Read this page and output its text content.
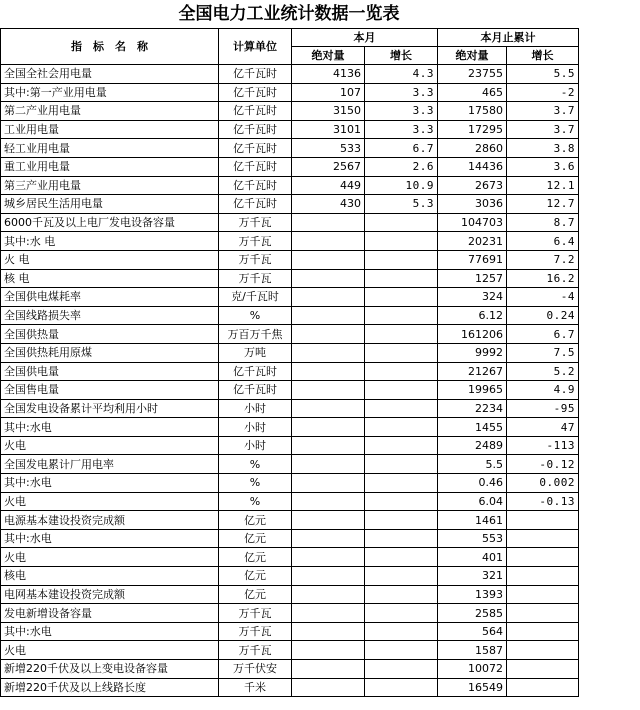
全国电力工业统计数据一览表
指　标　名　称	计算单位	本月		本月止累计	
		绝对量	增长	绝对量	增长
全国全社会用电量	亿千瓦时	4136	4.3	23755	5.5
其中:第一产业用电量	亿千瓦时	107	3.3	465	-2
第二产业用电量	亿千瓦时	3150	3.3	17580	3.7
工业用电量	亿千瓦时	3101	3.3	17295	3.7
轻工业用电量	亿千瓦时	533	6.7	2860	3.8
重工业用电量	亿千瓦时	2567	2.6	14436	3.6
第三产业用电量	亿千瓦时	449	10.9	2673	12.1
城乡居民生活用电量	亿千瓦时	430	5.3	3036	12.7
6000千瓦及以上电厂发电设备容量	万千瓦			104703	8.7
其中:水 电	万千瓦			20231	6.4
火 电	万千瓦			77691	7.2
核 电	万千瓦			1257	16.2
全国供电煤耗率	克/千瓦时			324	-4
全国线路损失率	%			6.12	0.24
全国供热量	万百万千焦			161206	6.7
全国供热耗用原煤	万吨			9992	7.5
全国供电量	亿千瓦时			21267	5.2
全国售电量	亿千瓦时			19965	4.9
全国发电设备累计平均利用小时	小时			2234	-95
其中:水电	小时			1455	47
火电	小时			2489	-113
全国发电累计厂用电率	%			5.5	-0.12
其中:水电	%			0.46	0.002
火电	%			6.04	-0.13
电源基本建设投资完成额	亿元			1461	
其中:水电	亿元			553	
火电	亿元			401	
核电	亿元			321	
电网基本建设投资完成额	亿元			1393	
发电新增设备容量	万千瓦			2585	
其中:水电	万千瓦			564	
火电	万千瓦			1587	
新增220千伏及以上变电设备容量	万千伏安			10072	
新增220千伏及以上线路长度	千米			16549	
